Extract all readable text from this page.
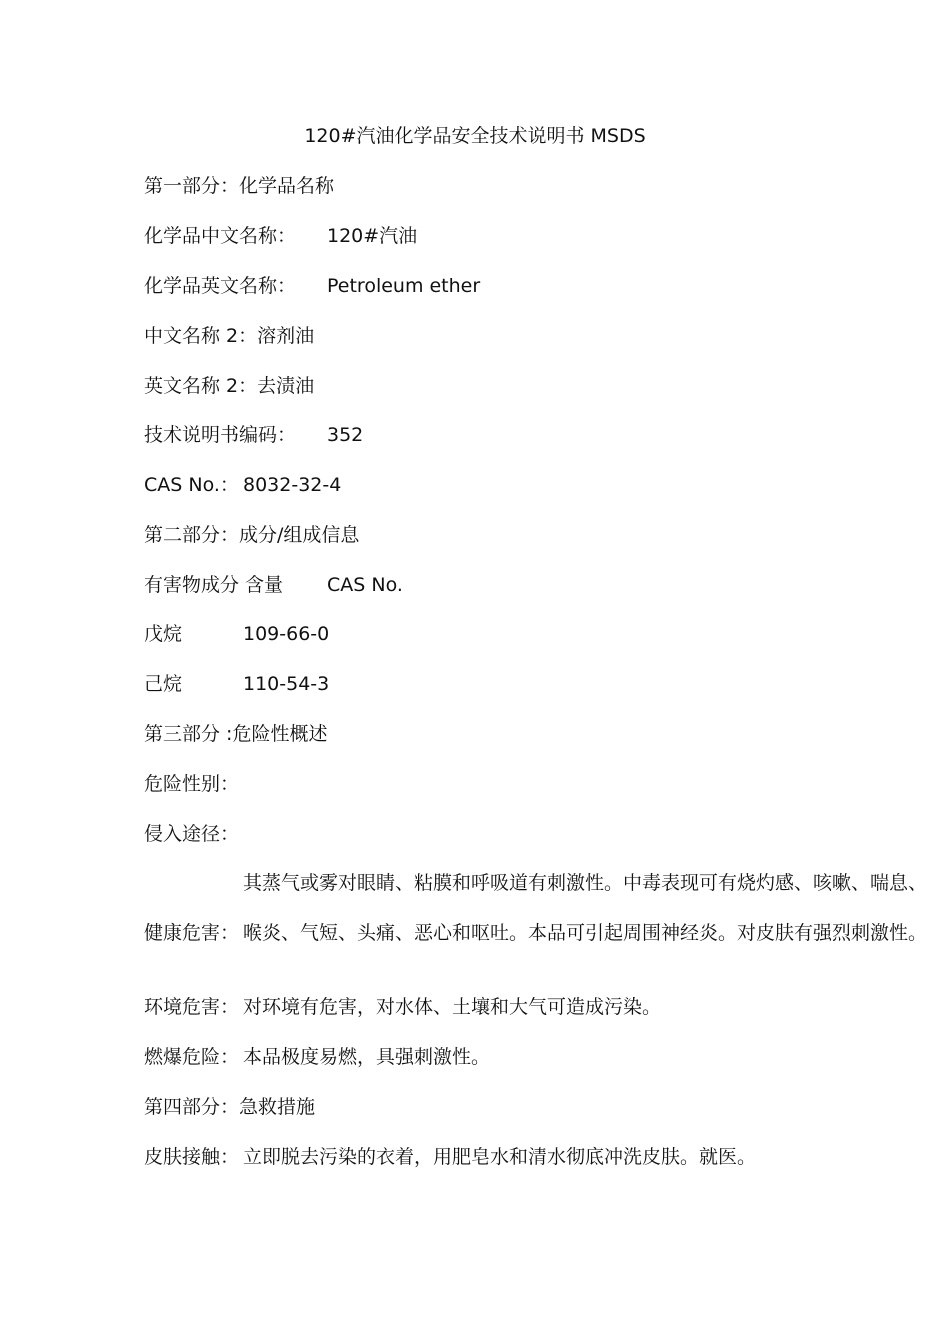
120#汽油化学品安全技术说明书 MSDS
第一部分：化学品名称
化学品中文名称： 120#汽油
化学品英文名称： Petroleum ether
中文名称 2：溶剂油
英文名称 2：去渍油
技术说明书编码： 352
CAS No.： 8032-32-4
第二部分：成分/组成信息
有害物成分 含量 CAS No.
戊烷	109-66-0
己烷	110-54-3
第三部分 :危险性概述
危险性别：
侵入途径：
其蒸气或雾对眼睛、粘膜和呼吸道有刺激性。中毒表现可有烧灼感、咳嗽、喘息、
健康危害： 喉炎、气短、头痛、恶心和呕吐。本品可引起周围神经炎。对皮肤有强烈刺激性。
环境危害： 对环境有危害，对水体、土壤和大气可造成污染。
燃爆危险： 本品极度易燃，具强刺激性。
第四部分：急救措施
皮肤接触： 立即脱去污染的衣着，用肥皂水和清水彻底冲洗皮肤。就医。
